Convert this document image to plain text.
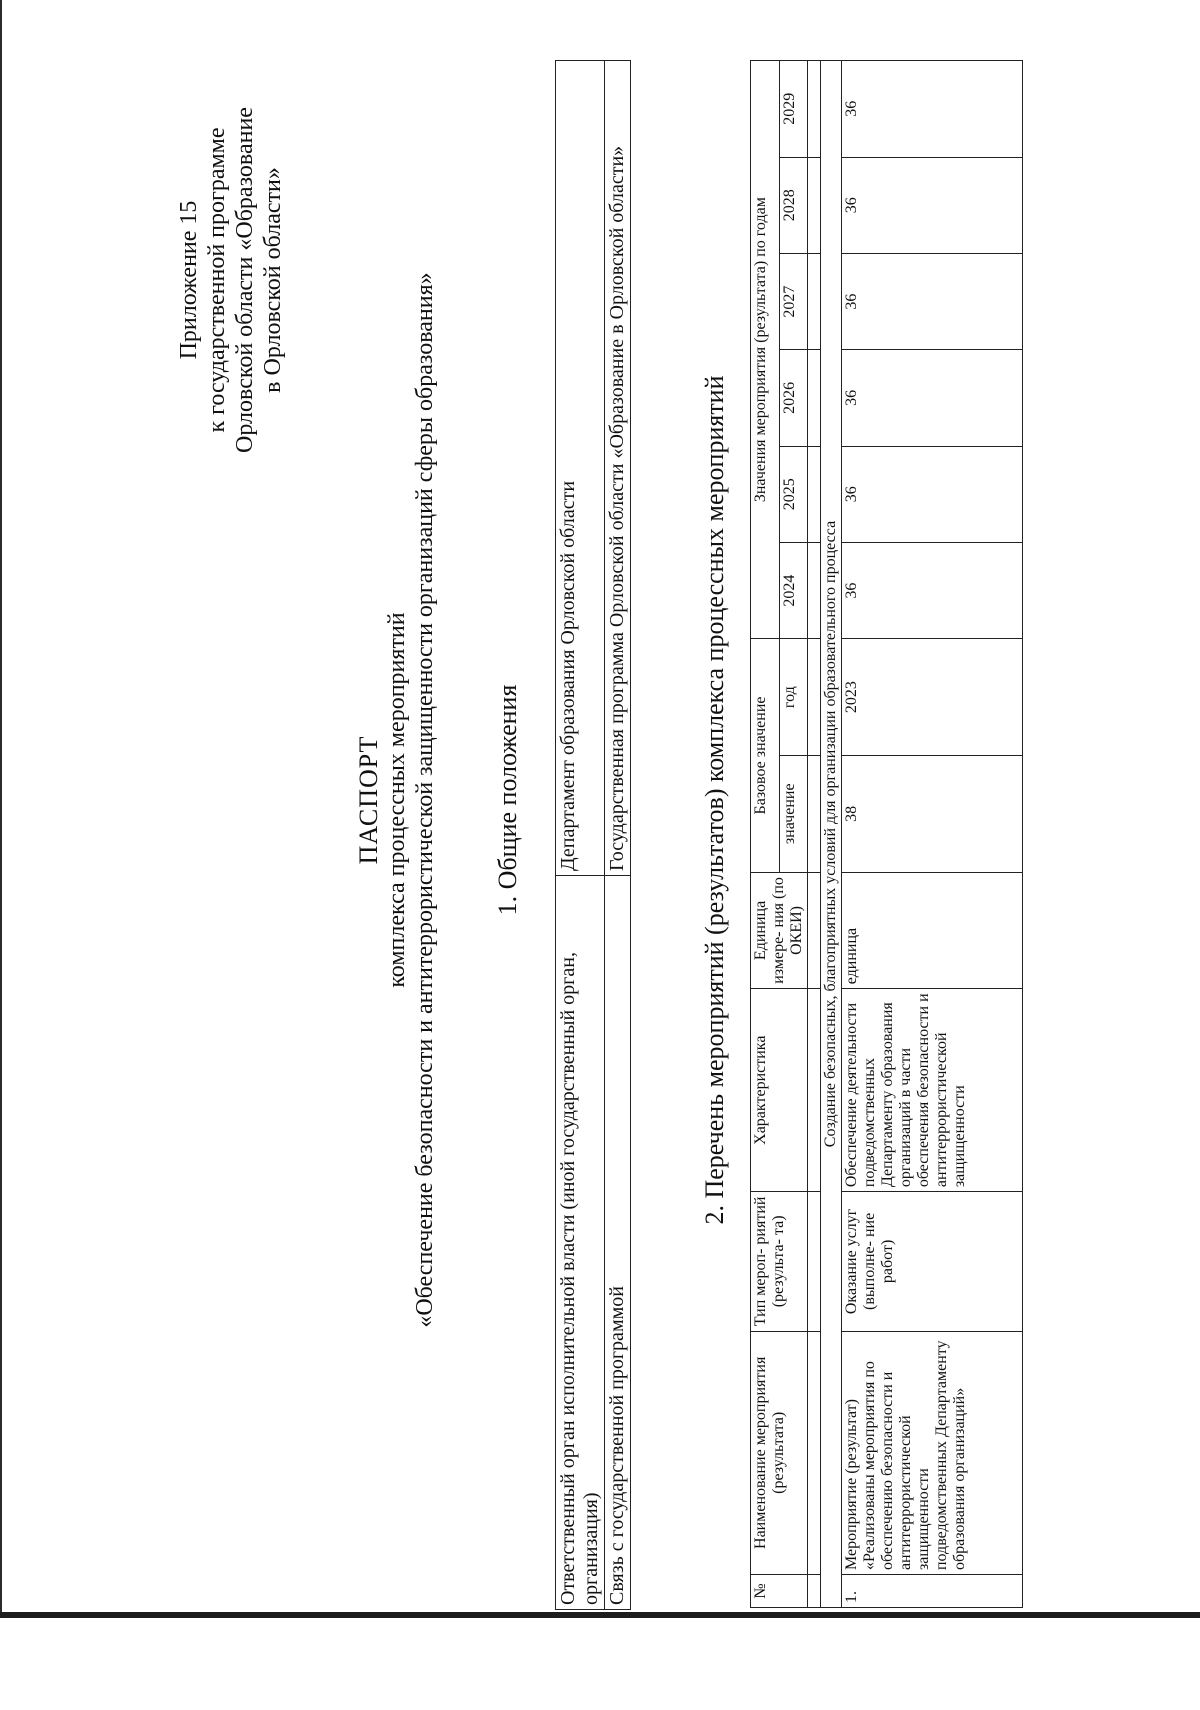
Приложение 15 к государственной программе Орловской области «Образование в Орловской области»
ПАСПОРТ комплекса процессных мероприятий «Обеспечение безопасности и антитеррористической защищенности организаций сферы образования» 1. Общие положения
Ответственный орган исполнительной власти (иной государственный орган, организация)	Департамент образования Орловской области
Связь с государственной программой	Государственная программа Орловской области «Образование в Орловской области»	2. Перечень мероприятий (результатов) комплекса процессных мероприятий
№	Наименование мероприятия (результата)	Тип мероп- риятий (результа- та)	Характеристика	Единица измере- ния (по ОКЕИ)	Базовое значение		Значения мероприятия (результата) по годам					
					значение	год	2024	2025	2026	2027	2028	2029

Создание безопасных, благоприятных условий для организации образовательного процесса												
1.	Мероприятие (результат) «Реализованы мероприятия по обеспечению безопасности и антитеррористической защищенности подведомственных Департаменту образования организаций»	Оказание услуг (выполне- ние работ)	Обеспечение деятельности подведомственных Департаменту образования организаций в части обеспечения безопасности и антитеррористической защищенности	единица	38	2023	36	36	36	36	36	36
